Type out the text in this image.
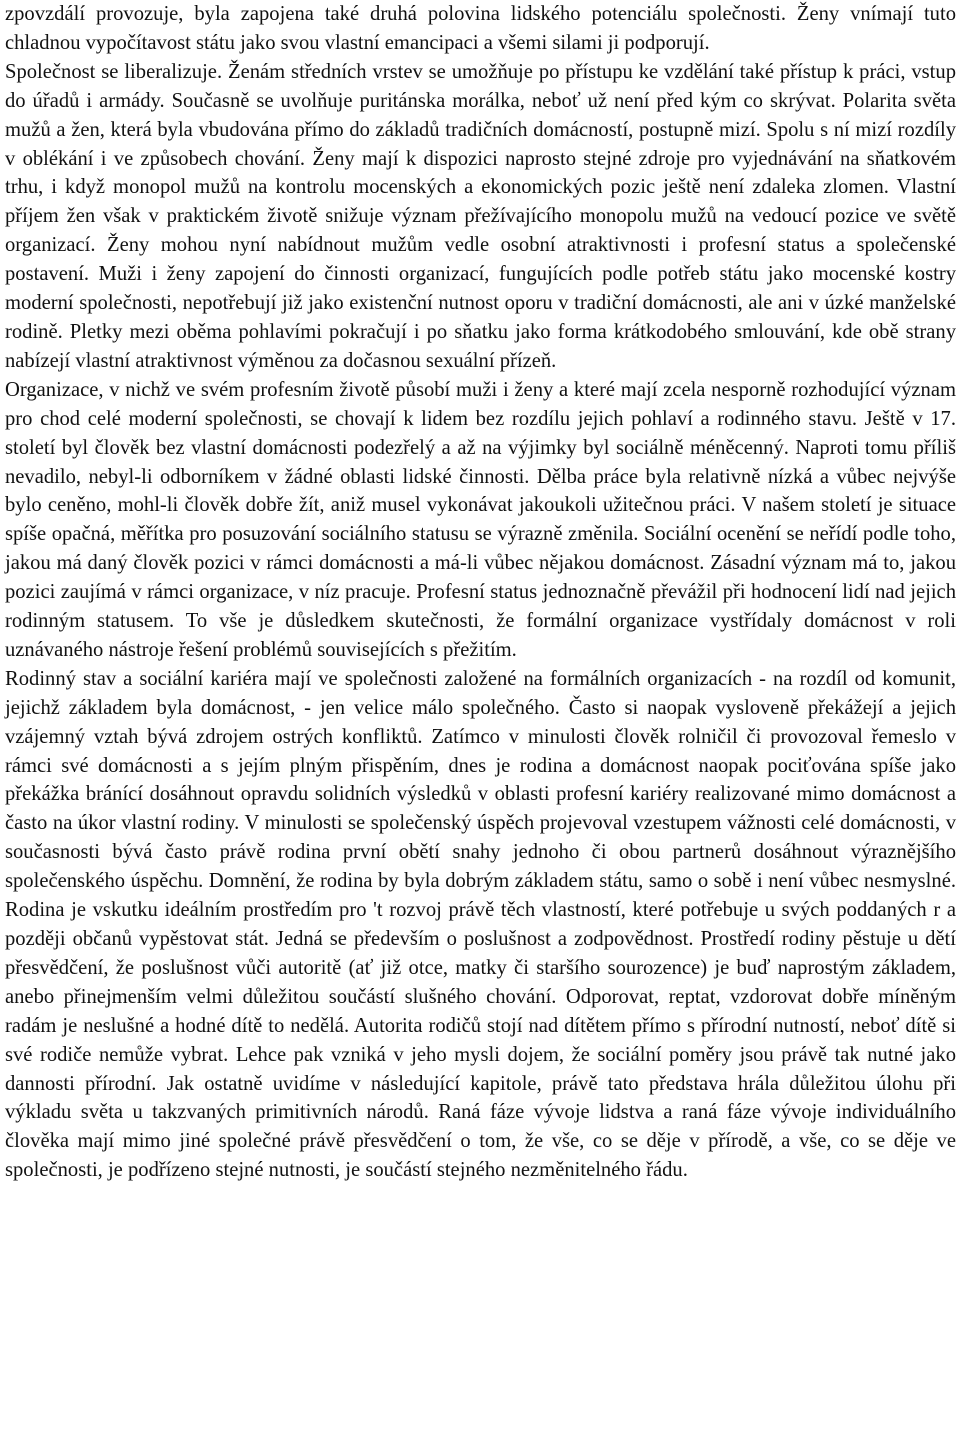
zpovzdálí provozuje, byla zapojena také druhá polovina lidského potenciálu společnosti. Ženy vnímají tuto chladnou vypočítavost státu jako svou vlastní emancipaci a všemi silami ji podporují.

Společnost se liberalizuje. Ženám středních vrstev se umožňuje po přístupu ke vzdělání také přístup k práci, vstup do úřadů i armády. Současně se uvolňuje puritánska morálka, neboť už není před kým co skrývat. Polarita světa mužů a žen, která byla vbudována přímo do základů tradičních domácností, postupně mizí. Spolu s ní mizí rozdíly v oblékání i ve způsobech chování. Ženy mají k dispozici naprosto stejné zdroje pro vyjednávání na sňatkovém trhu, i když monopol mužů na kontrolu mocenských a ekonomických pozic ještě není zdaleka zlomen. Vlastní příjem žen však v praktickém životě snižuje význam přežívajícího monopolu mužů na vedoucí pozice ve světě organizací. Ženy mohou nyní nabídnout mužům vedle osobní atraktivnosti i profesní status a společenské postavení. Muži i ženy zapojení do činnosti organizací, fungujících podle potřeb státu jako mocenské kostry moderní společnosti, nepotřebují již jako existenční nutnost oporu v tradiční domácnosti, ale ani v úzké manželské rodině. Pletky mezi oběma pohlavími pokračují i po sňatku jako forma krátkodobého smlouvání, kde obě strany nabízejí vlastní atraktivnost výměnou za dočasnou sexuální přízeň.

Organizace, v nichž ve svém profesním životě působí muži i ženy a které mají zcela nesporně rozhodující význam pro chod celé moderní společnosti, se chovají k lidem bez rozdílu jejich pohlaví a rodinného stavu. Ještě v 17. století byl člověk bez vlastní domácnosti podezřelý a až na výjimky byl sociálně méněcenný. Naproti tomu příliš nevadilo, nebyl-li odborníkem v žádné oblasti lidské činnosti. Dělba práce byla relativně nízká a vůbec nejvýše bylo ceněno, mohl-li člověk dobře žít, aniž musel vykonávat jakoukoli užitečnou práci. V našem století je situace spíše opačná, měřítka pro posuzování sociálního statusu se výrazně změnila. Sociální ocenění se neřídí podle toho, jakou má daný člověk pozici v rámci domácnosti a má-li vůbec nějakou domácnost. Zásadní význam má to, jakou pozici zaujímá v rámci organizace, v níz pracuje. Profesní status jednoznačně převážil při hodnocení lidí nad jejich rodinným statusem. To vše je důsledkem skutečnosti, že formální organizace vystřídaly domácnost v roli uznávaného nástroje řešení problémů souvisejících s přežitím.

Rodinný stav a sociální kariéra mají ve společnosti založené na formálních organizacích - na rozdíl od komunit, jejichž základem byla domácnost, - jen velice málo společného. Často si naopak vysloveně překážejí a jejich vzájemný vztah bývá zdrojem ostrých konfliktů. Zatímco v minulosti člověk rolničil či provozoval řemeslo v rámci své domácnosti a s jejím plným přispěním, dnes je rodina a domácnost naopak pociťována spíše jako překážka bránící dosáhnout opravdu solidních výsledků v oblasti profesní kariéry realizované mimo domácnost a často na úkor vlastní rodiny. V minulosti se společenský úspěch projevoval vzestupem vážnosti celé domácnosti, v současnosti bývá často právě rodina první obětí snahy jednoho či obou partnerů dosáhnout výraznějšího společenského úspěchu. Domnění, že rodina by byla dobrým základem státu, samo o sobě i není vůbec nesmyslné. Rodina je vskutku ideálním prostředím pro 't rozvoj právě těch vlastností, které potřebuje u svých poddaných r a později občanů vypěstovat stát. Jedná se především o poslušnost a zodpovědnost. Prostředí rodiny pěstuje u dětí přesvědčení, že poslušnost vůči autoritě (ať již otce, matky či staršího sourozence) je buď naprostým základem, anebo přinejmenším velmi důležitou součástí slušného chování. Odporovat, reptat, vzdorovat dobře míněným radám je neslušné a hodné dítě to nedělá. Autorita rodičů stojí nad dítětem přímo s přírodní nutností, neboť dítě si své rodiče nemůže vybrat. Lehce pak vzniká v jeho mysli dojem, že sociální poměry jsou právě tak nutné jako dannosti přírodní. Jak ostatně uvidíme v následující kapitole, právě tato představa hrála důležitou úlohu při výkladu světa u takzvaných primitivních národů. Raná fáze vývoje lidstva a raná fáze vývoje individuálního člověka mají mimo jiné společné právě přesvědčení o tom, že vše, co se děje v přírodě, a vše, co se děje ve společnosti, je podřízeno stejné nutnosti, je součástí stejného nezměnitelného řádu.
